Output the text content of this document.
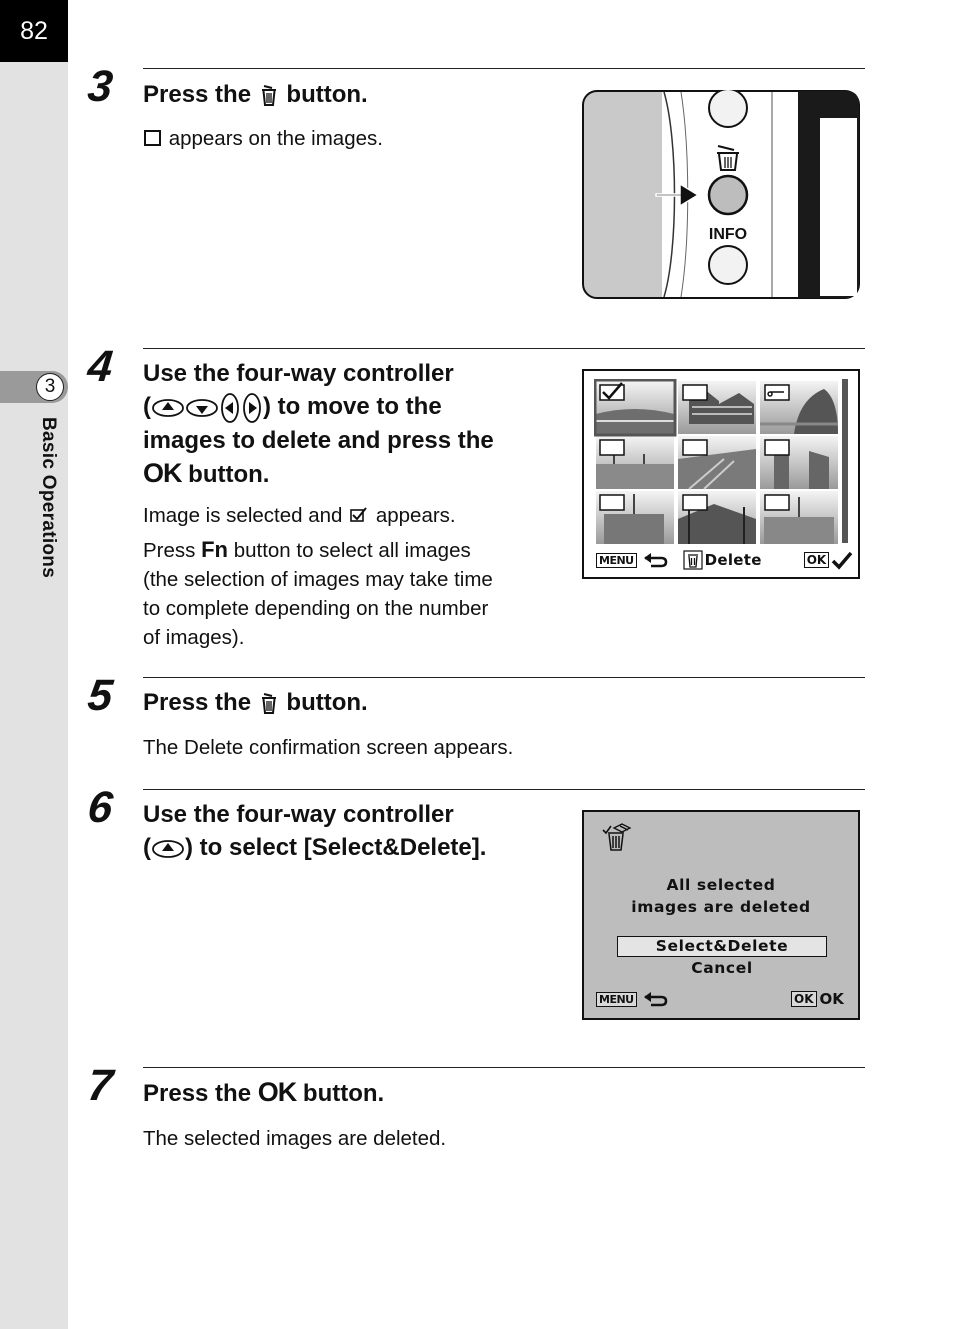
82
3
Basic Operations
3 Press the button.
appears on the images.
INFO
4 Use the four-way controller
(	) to move to the
images to delete and press the
OK button.
Image is selected and appears.
Press Fn button to select all images
(the selection of images may take time
to complete depending on the number
of images).
MENU	Delete	OK
5 Press the button.
The Delete confirmation screen appears.
6 Use the four-way controller
( ) to select [Select&Delete].
All selected
images are deleted
Select&Delete
Cancel
MENU	OK OK
7 Press the OK button.
The selected images are deleted.
